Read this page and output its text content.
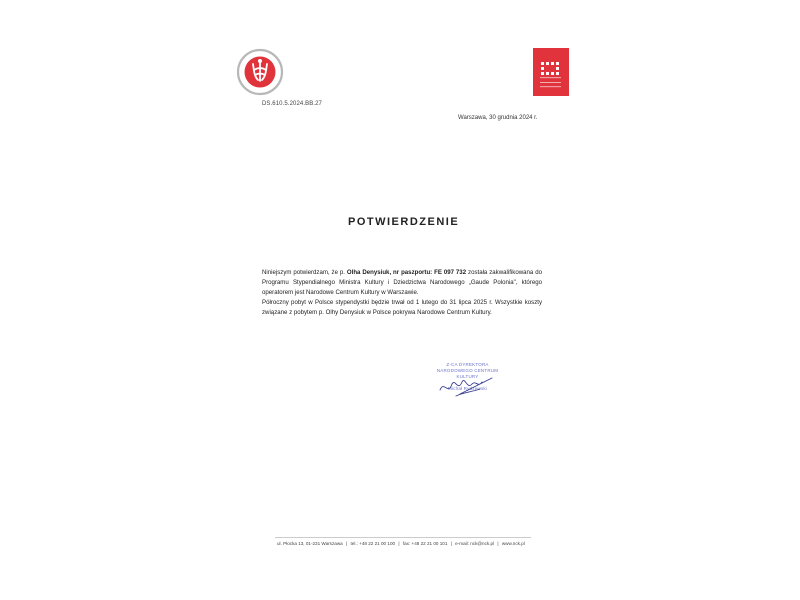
DS.610.5.2024.BB.27
Warszawa, 30 grudnia 2024 r.
POTWIERDZENIE

Niniejszym potwierdzam, że p. Olha Denysiuk, nr paszportu: FE 097 732 została zakwalifikowana do Programu Stypendialnego Ministra Kultury i Dziedzictwa Narodowego „Gaude Polonia", którego operatorem jest Narodowe Centrum Kultury w Warszawie.

Półroczny pobyt w Polsce stypendystki będzie trwał od 1 lutego do 31 lipca 2025 r. Wszystkie koszty związane z pobytem p. Olhy Denysiuk w Polsce pokrywa Narodowe Centrum Kultury.

Z-CA DYREKTORA
NARODOWEGO CENTRUM
KULTURY
Michał Rydzewski
ul. Płocka 13, 01-231 Warszawa | tel.: +48 22 21 00 100 | fax: +48 22 21 00 101 | e-mail: nck@nck.pl | www.nck.pl
